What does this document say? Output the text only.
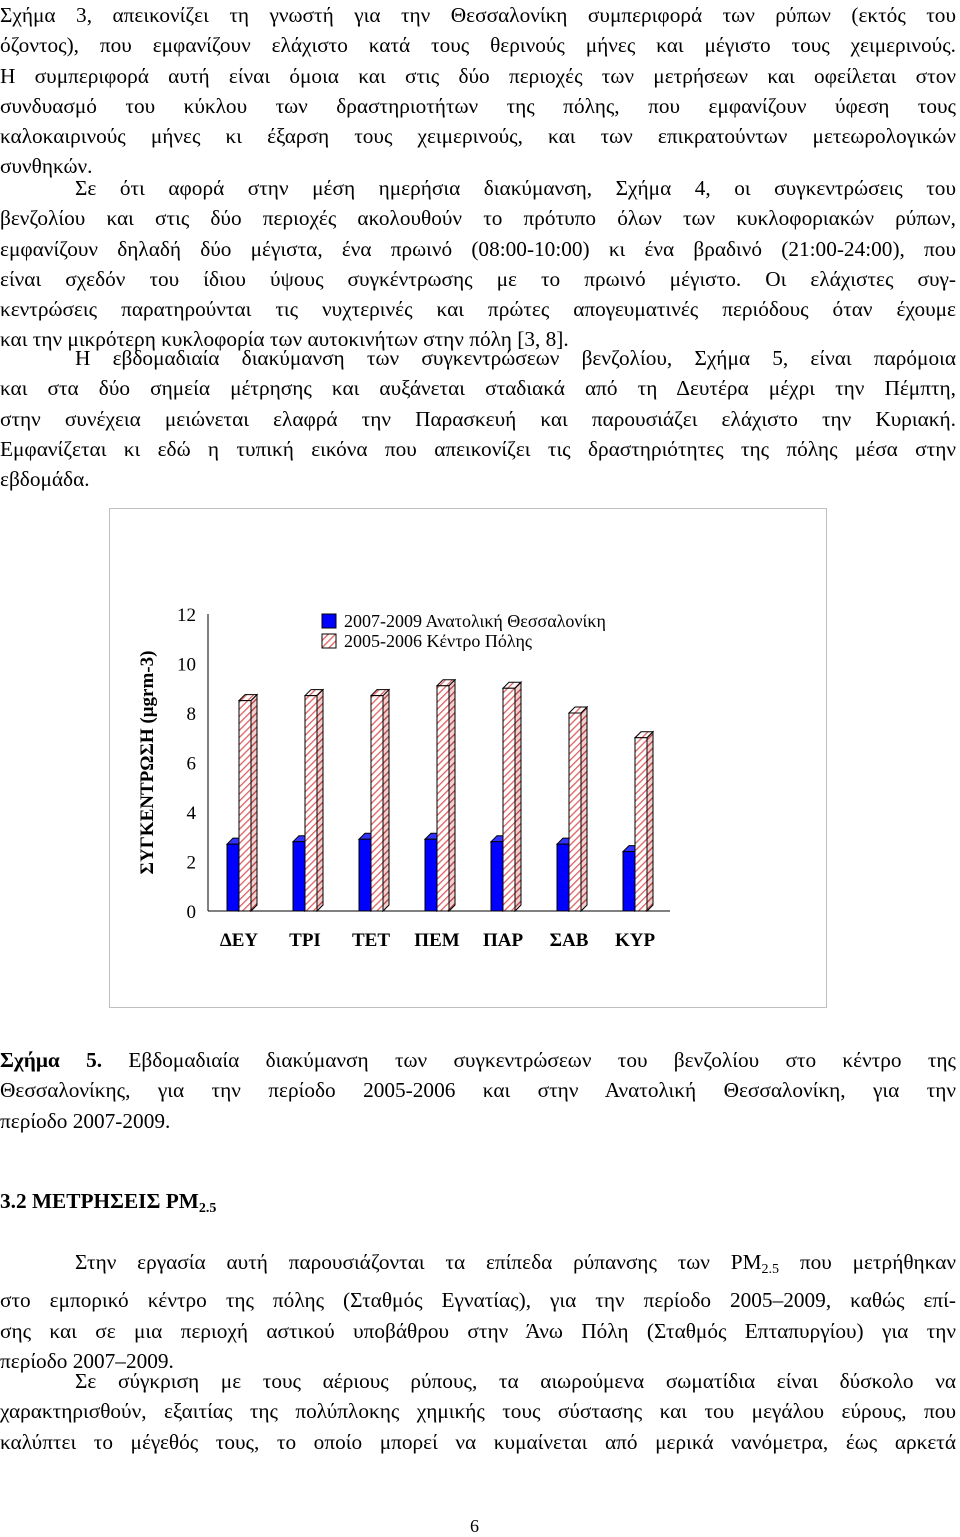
Σχήμα 3, απεικονίζει τη γνωστή για την Θεσσαλονίκη συμπεριφορά των ρύπων (εκτός του
όζοντος), που εμφανίζουν ελάχιστο κατά τους θερινούς μήνες και μέγιστο τους χειμερινούς.
Η συμπεριφορά αυτή είναι όμοια και στις δύο περιοχές των μετρήσεων και οφείλεται στον
συνδυασμό του κύκλου των δραστηριοτήτων της πόλης, που εμφανίζουν ύφεση τους
καλοκαιρινούς μήνες κι έξαρση τους χειμερινούς, και των επικρατούντων μετεωρολογικών
συνθηκών.
Σε ότι αφορά στην μέση ημερήσια διακύμανση, Σχήμα 4, οι συγκεντρώσεις του
βενζολίου και στις δύο περιοχές ακολουθούν το πρότυπο όλων των κυκλοφοριακών ρύπων,
εμφανίζουν δηλαδή δύο μέγιστα, ένα πρωινό (08:00-10:00) κι ένα βραδινό (21:00-24:00), που
είναι σχεδόν του ίδιου ύψους συγκέντρωσης με το πρωινό μέγιστο. Οι ελάχιστες συγ-
κεντρώσεις παρατηρούνται τις νυχτερινές και πρώτες απογευματινές περιόδους όταν έχουμε
και την μικρότερη κυκλοφορία των αυτοκινήτων στην πόλη [3, 8].
Η εβδομαδιαία διακύμανση των συγκεντρώσεων βενζολίου, Σχήμα 5, είναι παρόμοια
και στα δύο σημεία μέτρησης και αυξάνεται σταδιακά από τη Δευτέρα μέχρι την Πέμπτη,
στην συνέχεια μειώνεται ελαφρά την Παρασκευή και παρουσιάζει ελάχιστο την Κυριακή.
Εμφανίζεται κι εδώ η τυπική εικόνα που απεικονίζει τις δραστηριότητες της πόλης μέσα στην
εβδομάδα.
0
2
4
6
8
10
12
ΣΥΓΚΕΝΤΡΩΣΗ (μgrm-3)
ΔΕΥ ΤΡΙ ΤΕΤ ΠΕΜ ΠΑΡ ΣΑΒ ΚΥΡ
2007-2009 Ανατολική Θεσσαλονίκη
2005-2006 Κέντρο Πόλης
Σχήμα 5. Εβδομαδιαία διακύμανση των συγκεντρώσεων του βενζολίου στο κέντρο της
Θεσσαλονίκης, για την περίοδο 2005-2006 και στην Ανατολική Θεσσαλονίκη, για την
περίοδο 2007-2009.
3.2 ΜΕΤΡΗΣΕΙΣ $PM_{2.5}$
Στην εργασία αυτή παρουσιάζονται τα επίπεδα ρύπανσης των $PM_{2.5}$ που μετρήθηκαν
στο εμπορικό κέντρο της πόλης (Σταθμός Εγνατίας), για την περίοδο 2005–2009, καθώς επί-
σης και σε μια περιοχή αστικού υποβάθρου στην Άνω Πόλη (Σταθμός Επταπυργίου) για την
περίοδο 2007–2009.
Σε σύγκριση με τους αέριους ρύπους, τα αιωρούμενα σωματίδια είναι δύσκολο να
χαρακτηρισθούν, εξαιτίας της πολύπλοκης χημικής τους σύστασης και του μεγάλου εύρους, που
καλύπτει το μέγεθός τους, το οποίο μπορεί να κυμαίνεται από μερικά νανόμετρα, έως αρκετά
6
